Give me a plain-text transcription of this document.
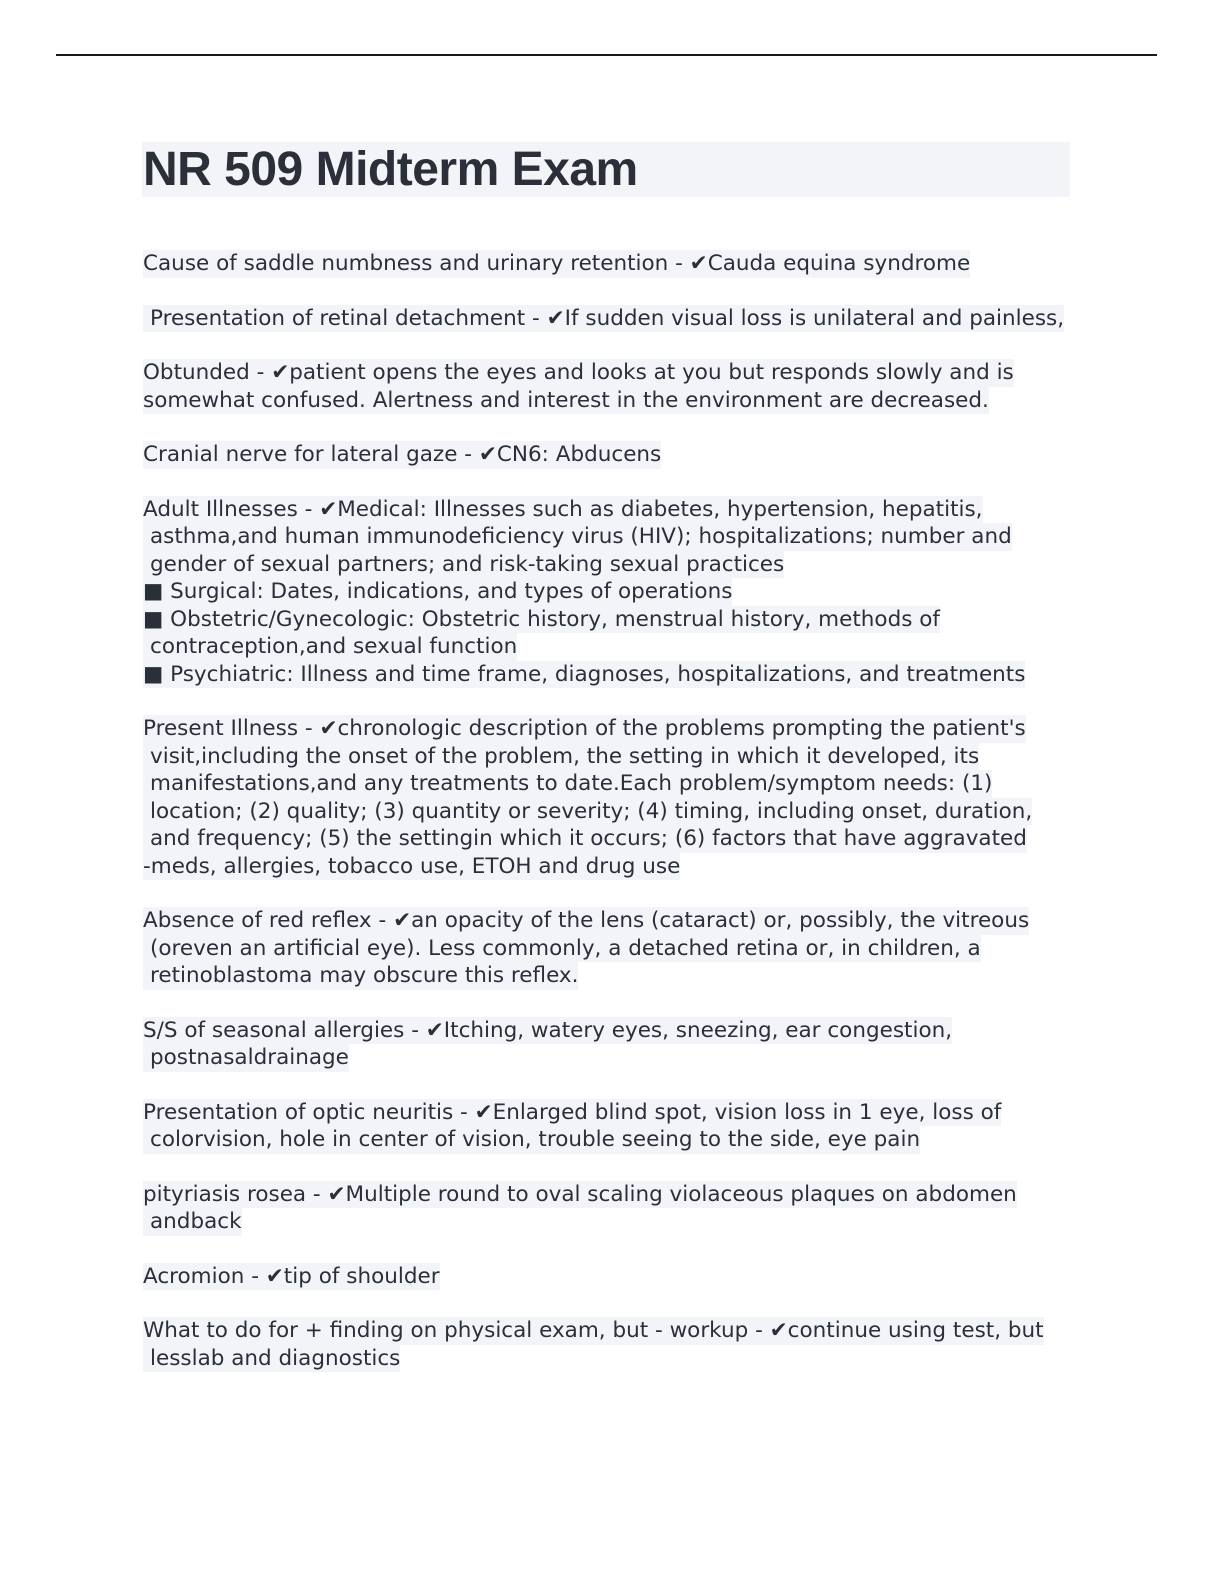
NR 509 Midterm Exam
Cause of saddle numbness and urinary retention - ✔Cauda equina syndrome
Presentation of retinal detachment - ✔If sudden visual loss is unilateral and painless,
Obtunded - ✔patient opens the eyes and looks at you but responds slowly and is
somewhat confused. Alertness and interest in the environment are decreased.
Cranial nerve for lateral gaze - ✔CN6: Abducens
Adult Illnesses - ✔Medical: Illnesses such as diabetes, hypertension, hepatitis,
asthma,and human immunodeficiency virus (HIV); hospitalizations; number and
gender of sexual partners; and risk-taking sexual practices
■ Surgical: Dates, indications, and types of operations
■ Obstetric/Gynecologic: Obstetric history, menstrual history, methods of
contraception,and sexual function
■ Psychiatric: Illness and time frame, diagnoses, hospitalizations, and treatments
Present Illness - ✔chronologic description of the problems prompting the patient's
visit,including the onset of the problem, the setting in which it developed, its
manifestations,and any treatments to date.Each problem/symptom needs: (1)
location; (2) quality; (3) quantity or severity; (4) timing, including onset, duration,
and frequency; (5) the settingin which it occurs; (6) factors that have aggravated
-meds, allergies, tobacco use, ETOH and drug use
Absence of red reflex - ✔an opacity of the lens (cataract) or, possibly, the vitreous
(oreven an artificial eye). Less commonly, a detached retina or, in children, a
retinoblastoma may obscure this reflex.
S/S of seasonal allergies - ✔Itching, watery eyes, sneezing, ear congestion,
postnasaldrainage
Presentation of optic neuritis - ✔Enlarged blind spot, vision loss in 1 eye, loss of
colorvision, hole in center of vision, trouble seeing to the side, eye pain
pityriasis rosea - ✔Multiple round to oval scaling violaceous plaques on abdomen
andback
Acromion - ✔tip of shoulder
What to do for + finding on physical exam, but - workup - ✔continue using test, but
lesslab and diagnostics
